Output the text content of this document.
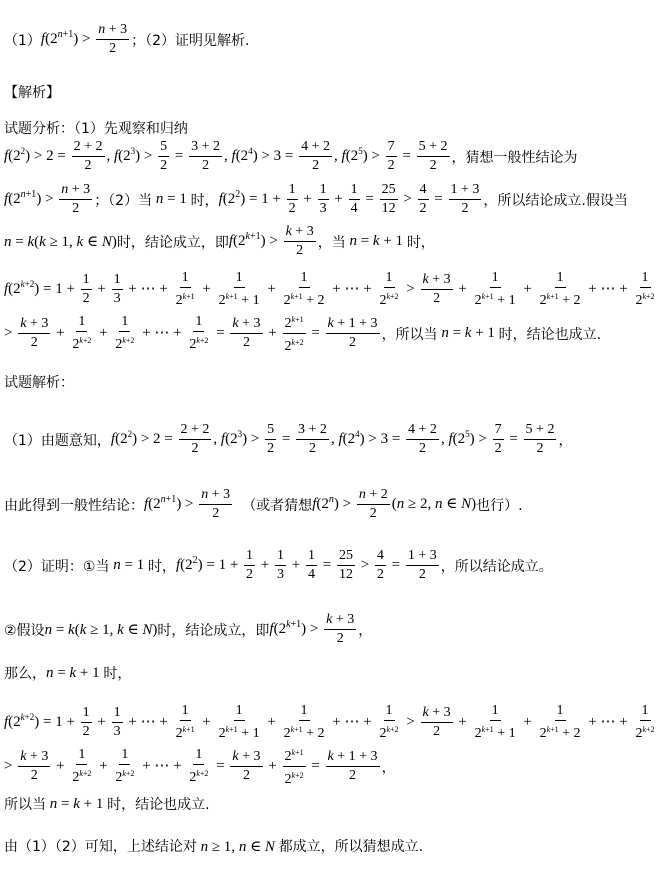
（1） $f(2^{n+1}) > \frac{n + 3}{2}$ ；（2） 证明见解析.
【解析】
试题分析：（1）先观察和归纳
$f(2^2) > 2 = \frac{2 + 2}{2}$ , $f(2^3) > \frac{5}{2} = \frac{3 + 2}{2}$ , $f(2^4) > 3 = \frac{4 + 2}{2}$ , $f(2^5) > \frac{7}{2} = \frac{5 + 2}{2}$ ，猜想一般性结论为
$f(2^{n+1}) > \frac{n + 3}{2}$ ；（2）当 n = 1 时， $f(2^2) = 1 + \frac{1}{2} + \frac{1}{3} + \frac{1}{4} = \frac{25}{12} > \frac{4}{2} = \frac{1 + 3}{2}$ ，所以结论成立.假设当
n = k(k ≥ 1, k ∈ N) 时，结论成立，即 $f(2^{k+1}) > \frac{k + 3}{2}$ ，当 n = k + 1 时，
$f(2^{k+2}) = 1 + \frac{1}{2} + \frac{1}{3}$ + ⋯ + $\frac{1}{2^{k+1}} + \frac{1}{2^{k+1} + 1} + \frac{1}{2^{k+1} + 2}$ + ⋯ + $\frac{1}{2^{k+2}} > \frac{k + 3}{2} + \frac{1}{2^{k+1} + 1} + \frac{1}{2^{k+1} + 2}$ + ⋯ + $\frac{1}{2^{k+2}}$
> $\frac{k + 3}{2} + \frac{1}{2^{k+2}} + \frac{1}{2^{k+2}}$ + ⋯ + $\frac{1}{2^{k+2}} = \frac{k + 3}{2} + \frac{2^{k+1}}{2^{k+2}} = \frac{k + 1 + 3}{2}$ ，所以当 n = k + 1 时，结论也成立.
试题解析：
（1）由题意知， $f(2^2) > 2 = \frac{2 + 2}{2}$ , $f(2^3) > \frac{5}{2} = \frac{3 + 2}{2}$ , $f(2^4) > 3 = \frac{4 + 2}{2}$ , $f(2^5) > \frac{7}{2} = \frac{5 + 2}{2}$ ，
由此得到一般性结论： $f(2^{n+1}) > \frac{n + 3}{2}$ （或者猜想 $f(2^n) > \frac{n + 2}{2} (n \ge 2$, n ∈ N) 也行）.
（2）证明：①当 n = 1 时， $f(2^2) = 1 + \frac{1}{2} + \frac{1}{3} + \frac{1}{4} = \frac{25}{12} > \frac{4}{2} = \frac{1 + 3}{2}$ ，所以结论成立。
②假设 n = k(k ≥ 1, k ∈ N) 时，结论成立，即 $f(2^{k+1}) > \frac{k + 3}{2}$ ，
那么， n = k + 1 时，
$f(2^{k+2}) = 1 + \frac{1}{2} + \frac{1}{3}$ + ⋯ + $\frac{1}{2^{k+1}} + \frac{1}{2^{k+1} + 1} + \frac{1}{2^{k+1} + 2}$ + ⋯ + $\frac{1}{2^{k+2}} > \frac{k + 3}{2} + \frac{1}{2^{k+1} + 1} + \frac{1}{2^{k+1} + 2}$ + ⋯ + $\frac{1}{2^{k+2}}$
> $\frac{k + 3}{2} + \frac{1}{2^{k+2}} + \frac{1}{2^{k+2}}$ + ⋯ + $\frac{1}{2^{k+2}} = \frac{k + 3}{2} + \frac{2^{k+1}}{2^{k+2}} = \frac{k + 1 + 3}{2}$ ，
所以当 n = k + 1 时，结论也成立.
由（1）（2）可知，上述结论对 n ≥ 1, n ∈ N 都成立，所以猜想成立.
